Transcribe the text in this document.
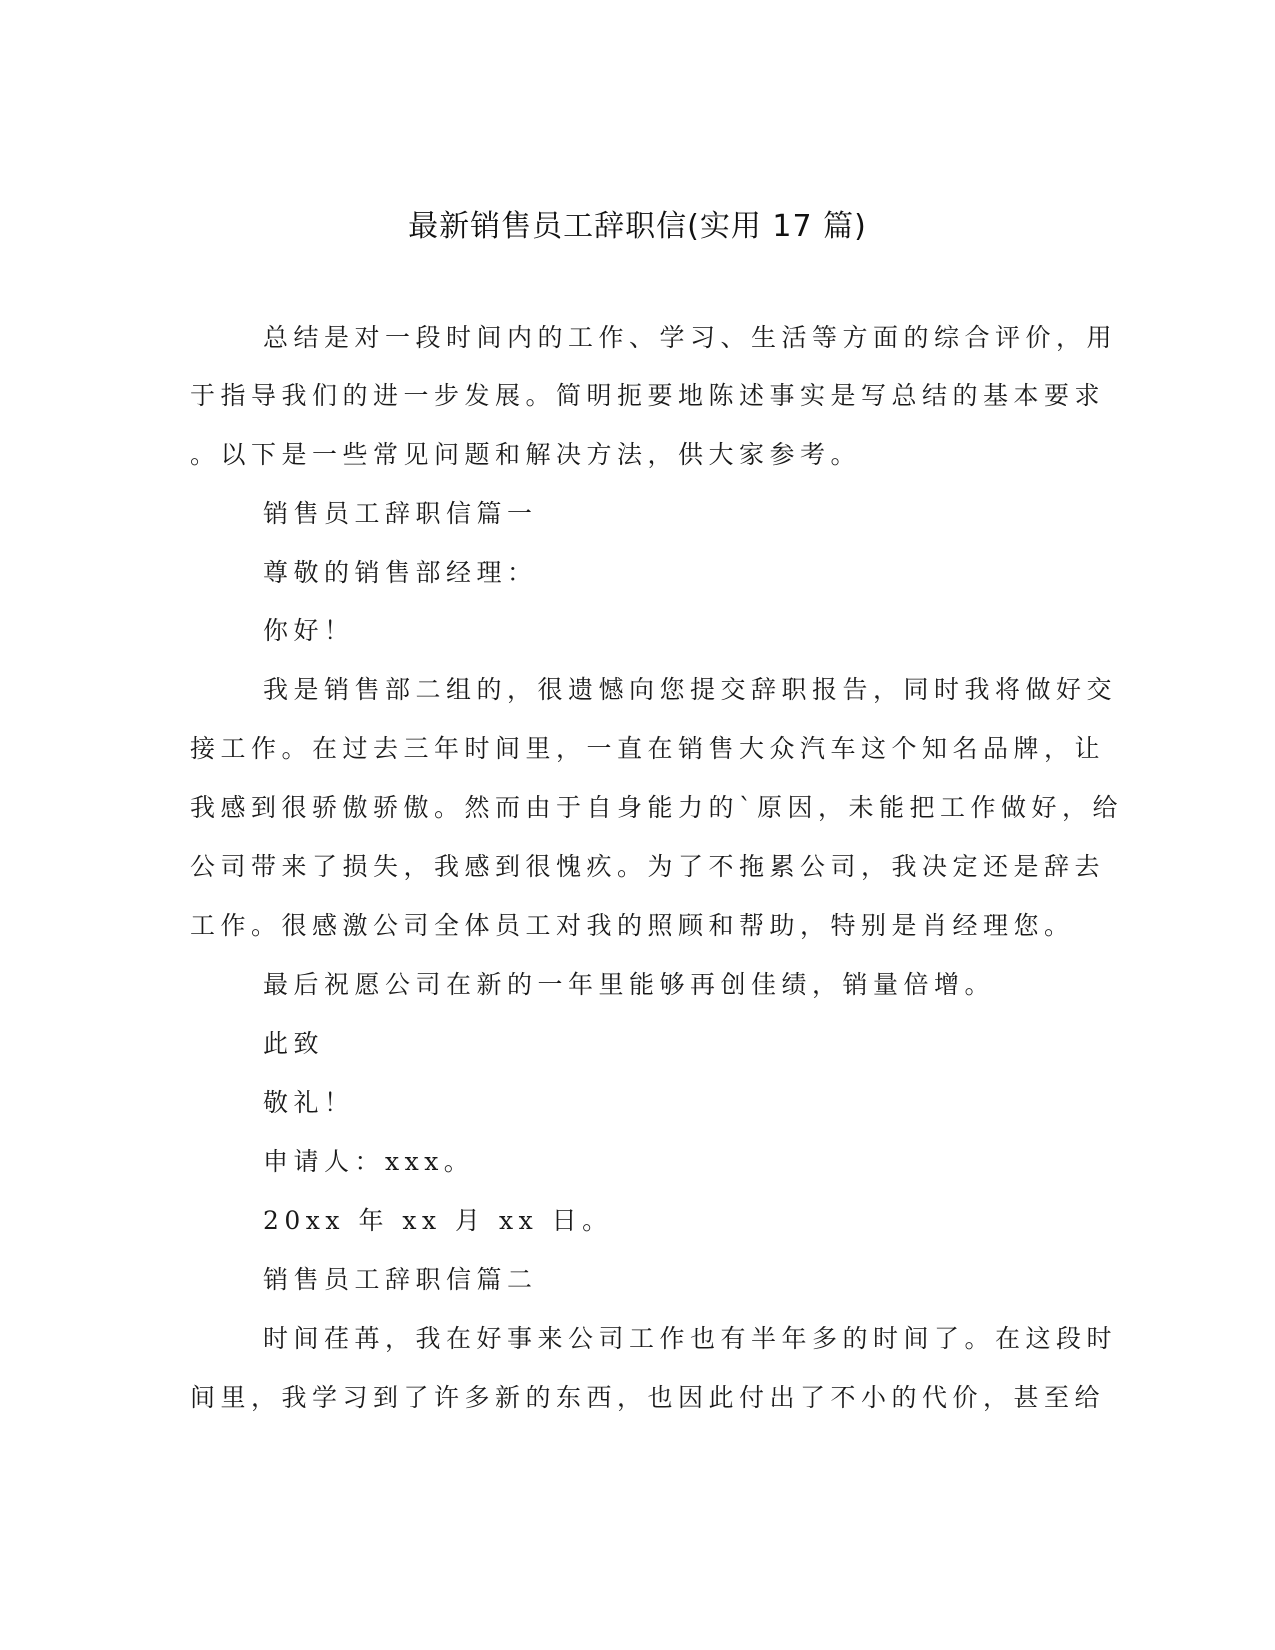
最新销售员工辞职信(实用 17 篇)
总结是对一段时间内的工作、学习、生活等方面的综合评价，用
于指导我们的进一步发展。简明扼要地陈述事实是写总结的基本要求
。以下是一些常见问题和解决方法，供大家参考。
销售员工辞职信篇一
尊敬的销售部经理：
你好！
我是销售部二组的，很遗憾向您提交辞职报告，同时我将做好交
接工作。在过去三年时间里，一直在销售大众汽车这个知名品牌，让
我感到很骄傲骄傲。然而由于自身能力的`原因，未能把工作做好，给
公司带来了损失，我感到很愧疚。为了不拖累公司，我决定还是辞去
工作。很感激公司全体员工对我的照顾和帮助，特别是肖经理您。
最后祝愿公司在新的一年里能够再创佳绩，销量倍增。
此致
敬礼！
申请人：xxx。
20xx 年 xx 月 xx 日。
销售员工辞职信篇二
时间荏苒，我在好事来公司工作也有半年多的时间了。在这段时
间里，我学习到了许多新的东西，也因此付出了不小的代价，甚至给
